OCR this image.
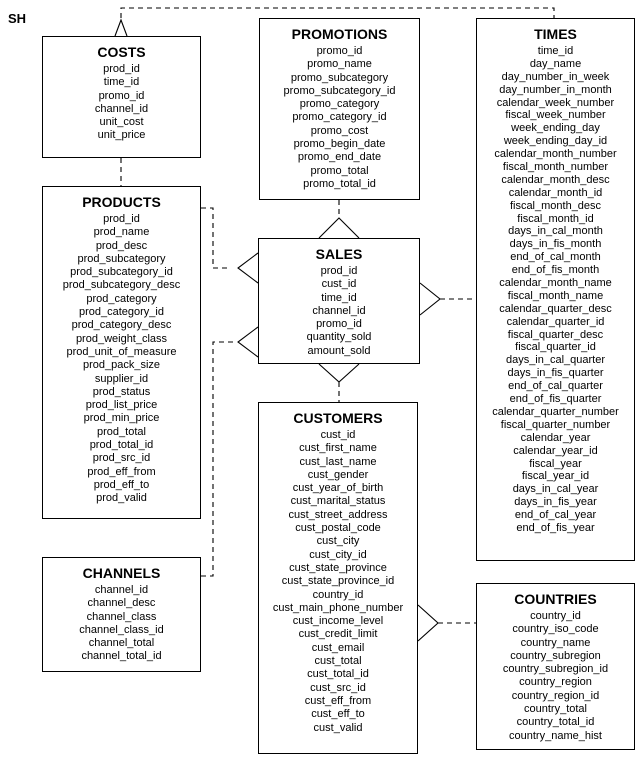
SH
COSTS
prod_id
time_id
promo_id
channel_id
unit_cost
unit_price
PROMOTIONS
promo_id
promo_name
promo_subcategory
promo_subcategory_id
promo_category
promo_category_id
promo_cost
promo_begin_date
promo_end_date
promo_total
promo_total_id
TIMES
time_id
day_name
day_number_in_week
day_number_in_month
calendar_week_number
fiscal_week_number
week_ending_day
week_ending_day_id
calendar_month_number
fiscal_month_number
calendar_month_desc
calendar_month_id
fiscal_month_desc
fiscal_month_id
days_in_cal_month
days_in_fis_month
end_of_cal_month
end_of_fis_month
calendar_month_name
fiscal_month_name
calendar_quarter_desc
calendar_quarter_id
fiscal_quarter_desc
fiscal_quarter_id
days_in_cal_quarter
days_in_fis_quarter
end_of_cal_quarter
end_of_fis_quarter
calendar_quarter_number
fiscal_quarter_number
calendar_year
calendar_year_id
fiscal_year
fiscal_year_id
days_in_cal_year
days_in_fis_year
end_of_cal_year
end_of_fis_year
PRODUCTS
prod_id
prod_name
prod_desc
prod_subcategory
prod_subcategory_id
prod_subcategory_desc
prod_category
prod_category_id
prod_category_desc
prod_weight_class
prod_unit_of_measure
prod_pack_size
supplier_id
prod_status
prod_list_price
prod_min_price
prod_total
prod_total_id
prod_src_id
prod_eff_from
prod_eff_to
prod_valid
SALES
prod_id
cust_id
time_id
channel_id
promo_id
quantity_sold
amount_sold
CUSTOMERS
cust_id
cust_first_name
cust_last_name
cust_gender
cust_year_of_birth
cust_marital_status
cust_street_address
cust_postal_code
cust_city
cust_city_id
cust_state_province
cust_state_province_id
country_id
cust_main_phone_number
cust_income_level
cust_credit_limit
cust_email
cust_total
cust_total_id
cust_src_id
cust_eff_from
cust_eff_to
cust_valid
CHANNELS
channel_id
channel_desc
channel_class
channel_class_id
channel_total
channel_total_id
COUNTRIES
country_id
country_iso_code
country_name
country_subregion
country_subregion_id
country_region
country_region_id
country_total
country_total_id
country_name_hist
